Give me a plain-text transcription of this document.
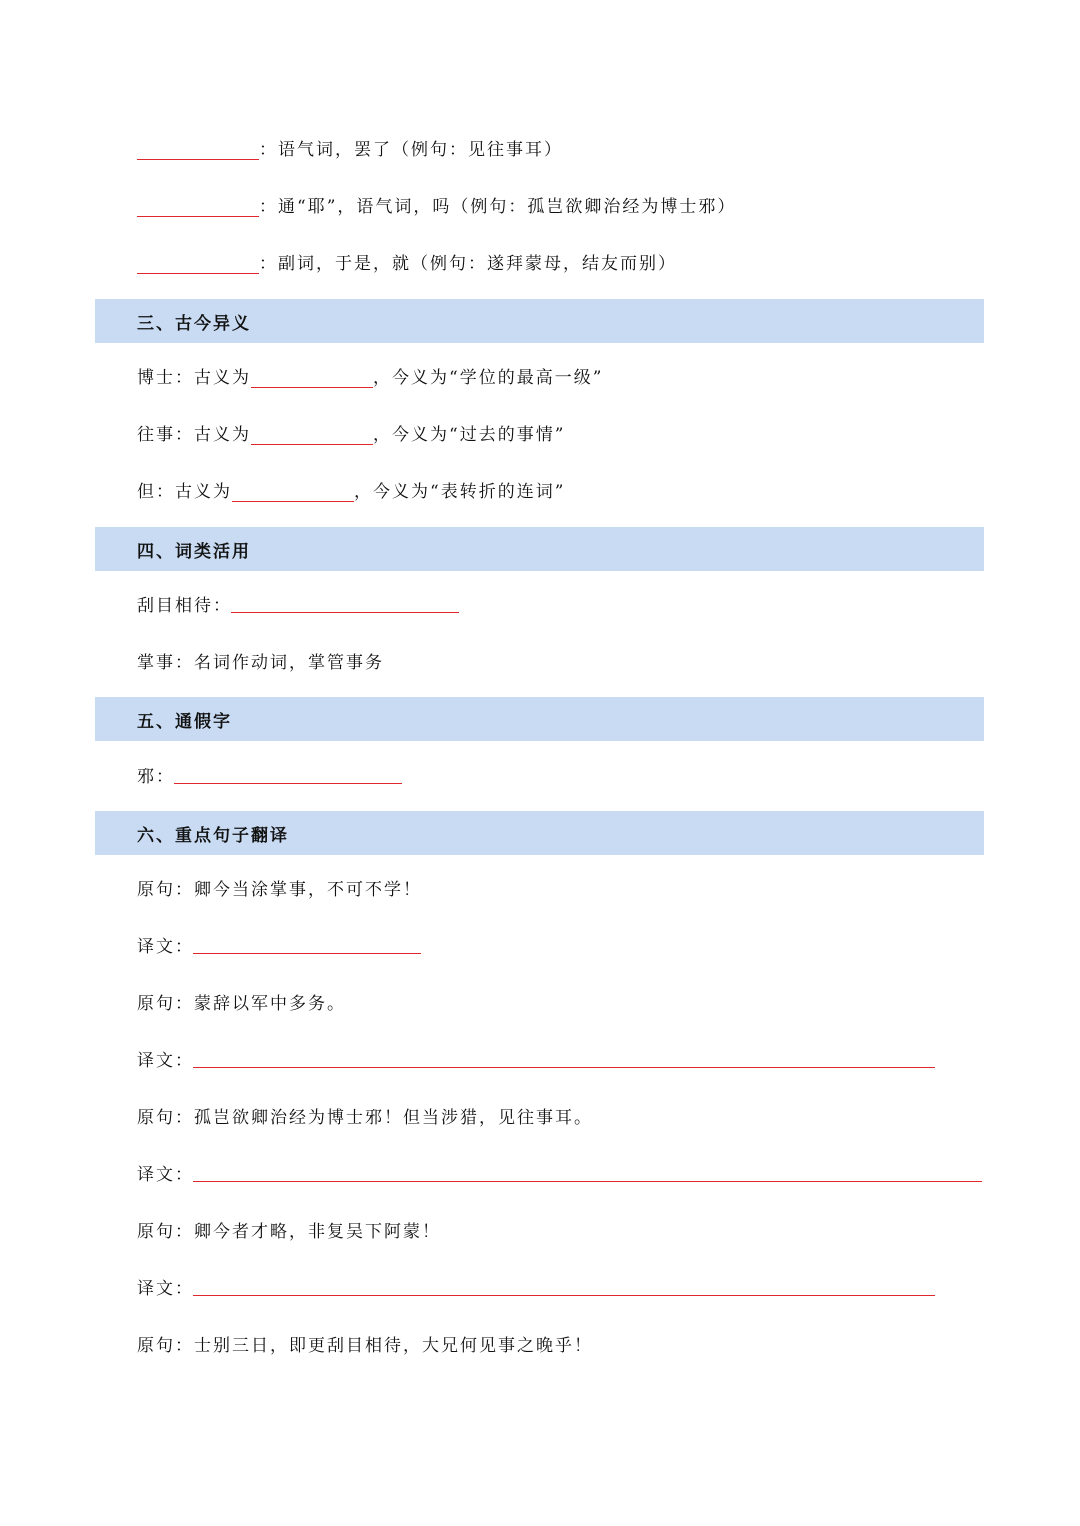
：语气词，罢了（例句：见往事耳）
：通“耶”，语气词，吗（例句：孤岂欲卿治经为博士邪）
：副词，于是，就（例句：遂拜蒙母，结友而别）
三、古今异义
博士：古义为	，今义为“学位的最高一级”
往事：古义为	，今义为“过去的事情”
但：古义为	，今义为“表转折的连词”
四、词类活用
刮目相待：
掌事：名词作动词，掌管事务
五、通假字
邪：
六、重点句子翻译
原句：卿今当涂掌事，不可不学！
译文：
原句：蒙辞以军中多务。
译文：
原句：孤岂欲卿治经为博士邪！但当涉猎，见往事耳。
译文：
原句：卿今者才略，非复吴下阿蒙！
译文：
原句：士别三日，即更刮目相待，大兄何见事之晚乎！
